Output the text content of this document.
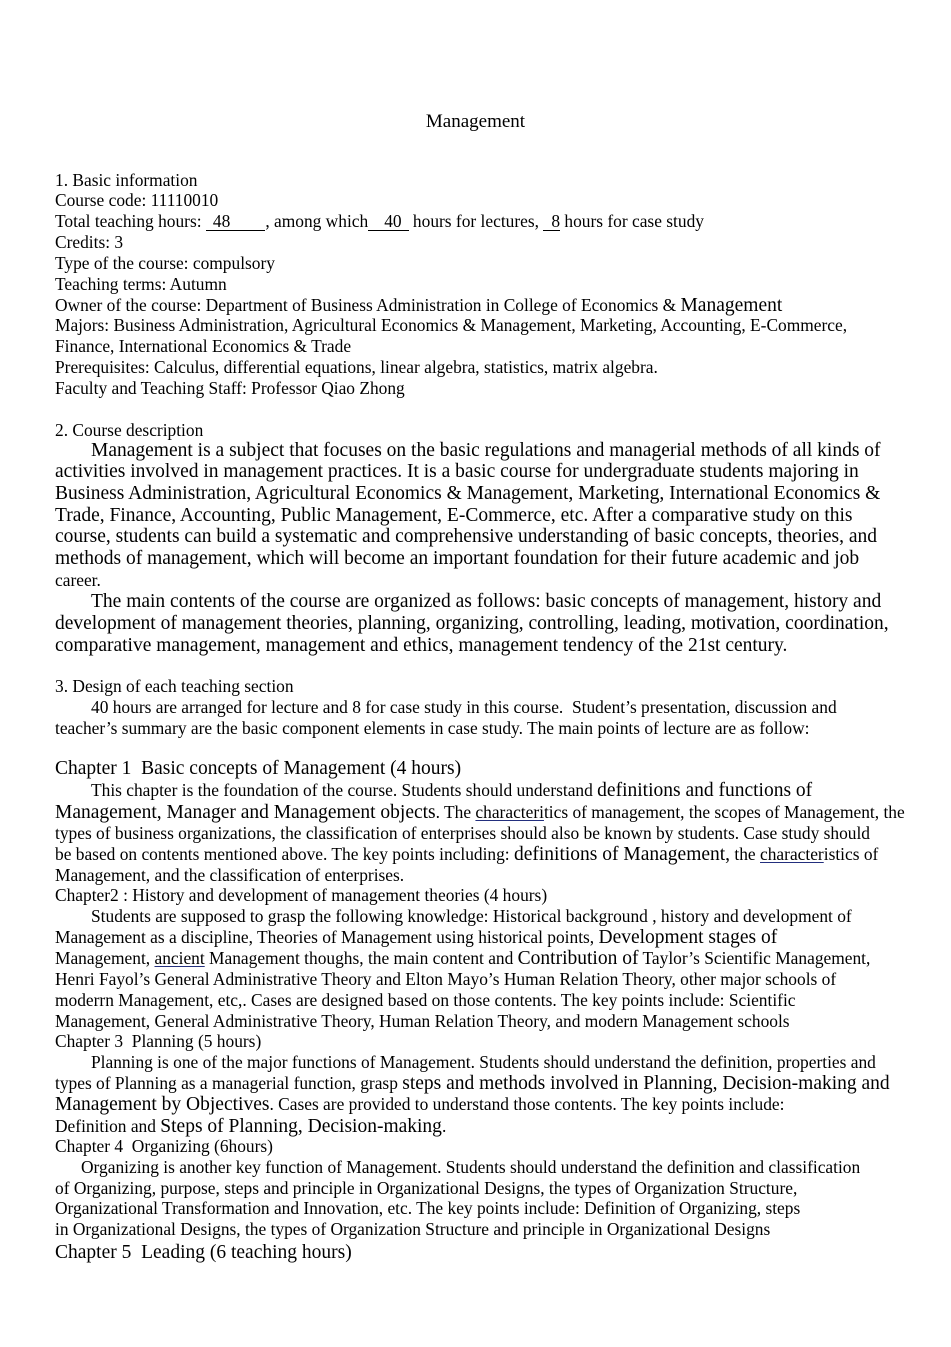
Management
1. Basic information
Course code: 11110010
Total teaching hours: 48 , among which 40 hours for lectures, 8 hours for case study
Credits: 3
Type of the course: compulsory
Teaching terms: Autumn
Owner of the course: Department of Business Administration in College of Economics & Management
Majors: Business Administration, Agricultural Economics & Management, Marketing, Accounting, E-Commerce,
Finance, International Economics & Trade
Prerequisites: Calculus, differential equations, linear algebra, statistics, matrix algebra.
Faculty and Teaching Staff: Professor Qiao Zhong
2. Course description
Management is a subject that focuses on the basic regulations and managerial methods of all kinds of
activities involved in management practices. It is a basic course for undergraduate students majoring in
Business Administration, Agricultural Economics & Management, Marketing, International Economics &
Trade, Finance, Accounting, Public Management, E-Commerce, etc. After a comparative study on this
course, students can build a systematic and comprehensive understanding of basic concepts, theories, and
methods of management, which will become an important foundation for their future academic and job
career.
The main contents of the course are organized as follows: basic concepts of management, history and
development of management theories, planning, organizing, controlling, leading, motivation, coordination,
comparative management, management and ethics, management tendency of the 21st century.
3. Design of each teaching section
40 hours are arranged for lecture and 8 for case study in this course.  Student’s presentation, discussion and
teacher’s summary are the basic component elements in case study. The main points of lecture are as follow:
Chapter 1  Basic concepts of Management (4 hours)
This chapter is the foundation of the course. Students should understand definitions and functions of
Management, Manager and Management objects. The characteritics of management, the scopes of Management, the
types of business organizations, the classification of enterprises should also be known by students. Case study should
be based on contents mentioned above. The key points including: definitions of Management, the characteristics of
Management, and the classification of enterprises.
Chapter2 : History and development of management theories (4 hours)
Students are supposed to grasp the following knowledge: Historical background , history and development of
Management as a discipline, Theories of Management using historical points, Development stages of
Management, ancient Management thoughs, the main content and Contribution of Taylor’s Scientific Management,
Henri Fayol’s General Administrative Theory and Elton Mayo’s Human Relation Theory, other major schools of
moderrn Management, etc,. Cases are designed based on those contents. The key points include: Scientific
Management, General Administrative Theory, Human Relation Theory, and modern Management schools
Chapter 3  Planning (5 hours)
Planning is one of the major functions of Management. Students should understand the definition, properties and
types of Planning as a managerial function, grasp steps and methods involved in Planning, Decision-making and
Management by Objectives. Cases are provided to understand those contents. The key points include:
Definition and Steps of Planning, Decision-making.
Chapter 4  Organizing (6hours)
Organizing is another key function of Management. Students should understand the definition and classification
of Organizing, purpose, steps and principle in Organizational Designs, the types of Organization Structure,
Organizational Transformation and Innovation, etc. The key points include: Definition of Organizing, steps
in Organizational Designs, the types of Organization Structure and principle in Organizational Designs
Chapter 5  Leading (6 teaching hours)
